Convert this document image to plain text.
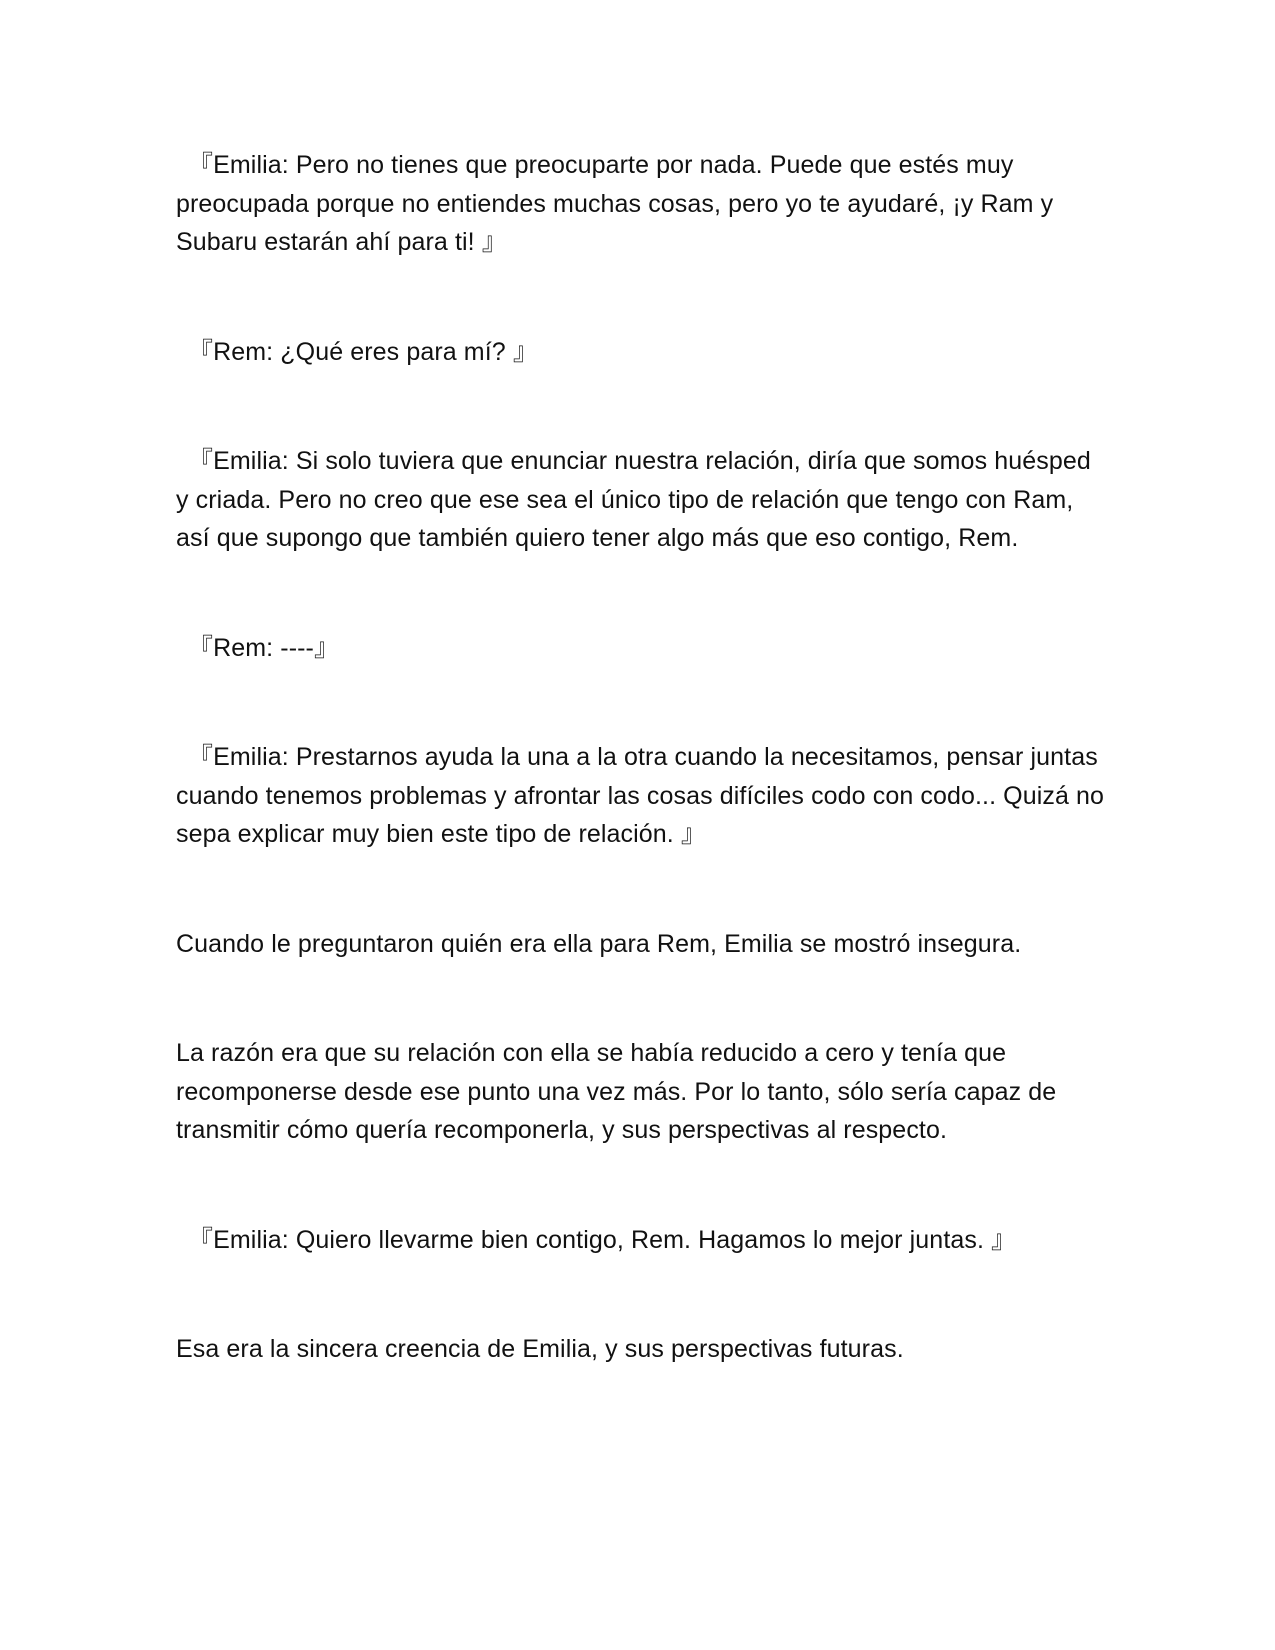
『Emilia: Pero no tienes que preocuparte por nada. Puede que estés muy preocupada porque no entiendes muchas cosas, pero yo te ayudaré, ¡y Ram y Subaru estarán ahí para ti! 』

『Rem: ¿Qué eres para mí? 』

『Emilia: Si solo tuviera que enunciar nuestra relación, diría que somos huésped y criada. Pero no creo que ese sea el único tipo de relación que tengo con Ram, así que supongo que también quiero tener algo más que eso contigo, Rem.

『Rem: ----』

『Emilia: Prestarnos ayuda la una a la otra cuando la necesitamos, pensar juntas cuando tenemos problemas y afrontar las cosas difíciles codo con codo... Quizá no sepa explicar muy bien este tipo de relación. 』

Cuando le preguntaron quién era ella para Rem, Emilia se mostró insegura.

La razón era que su relación con ella se había reducido a cero y tenía que recomponerse desde ese punto una vez más. Por lo tanto, sólo sería capaz de transmitir cómo quería recomponerla, y sus perspectivas al respecto.

『Emilia: Quiero llevarme bien contigo, Rem. Hagamos lo mejor juntas. 』

Esa era la sincera creencia de Emilia, y sus perspectivas futuras.
